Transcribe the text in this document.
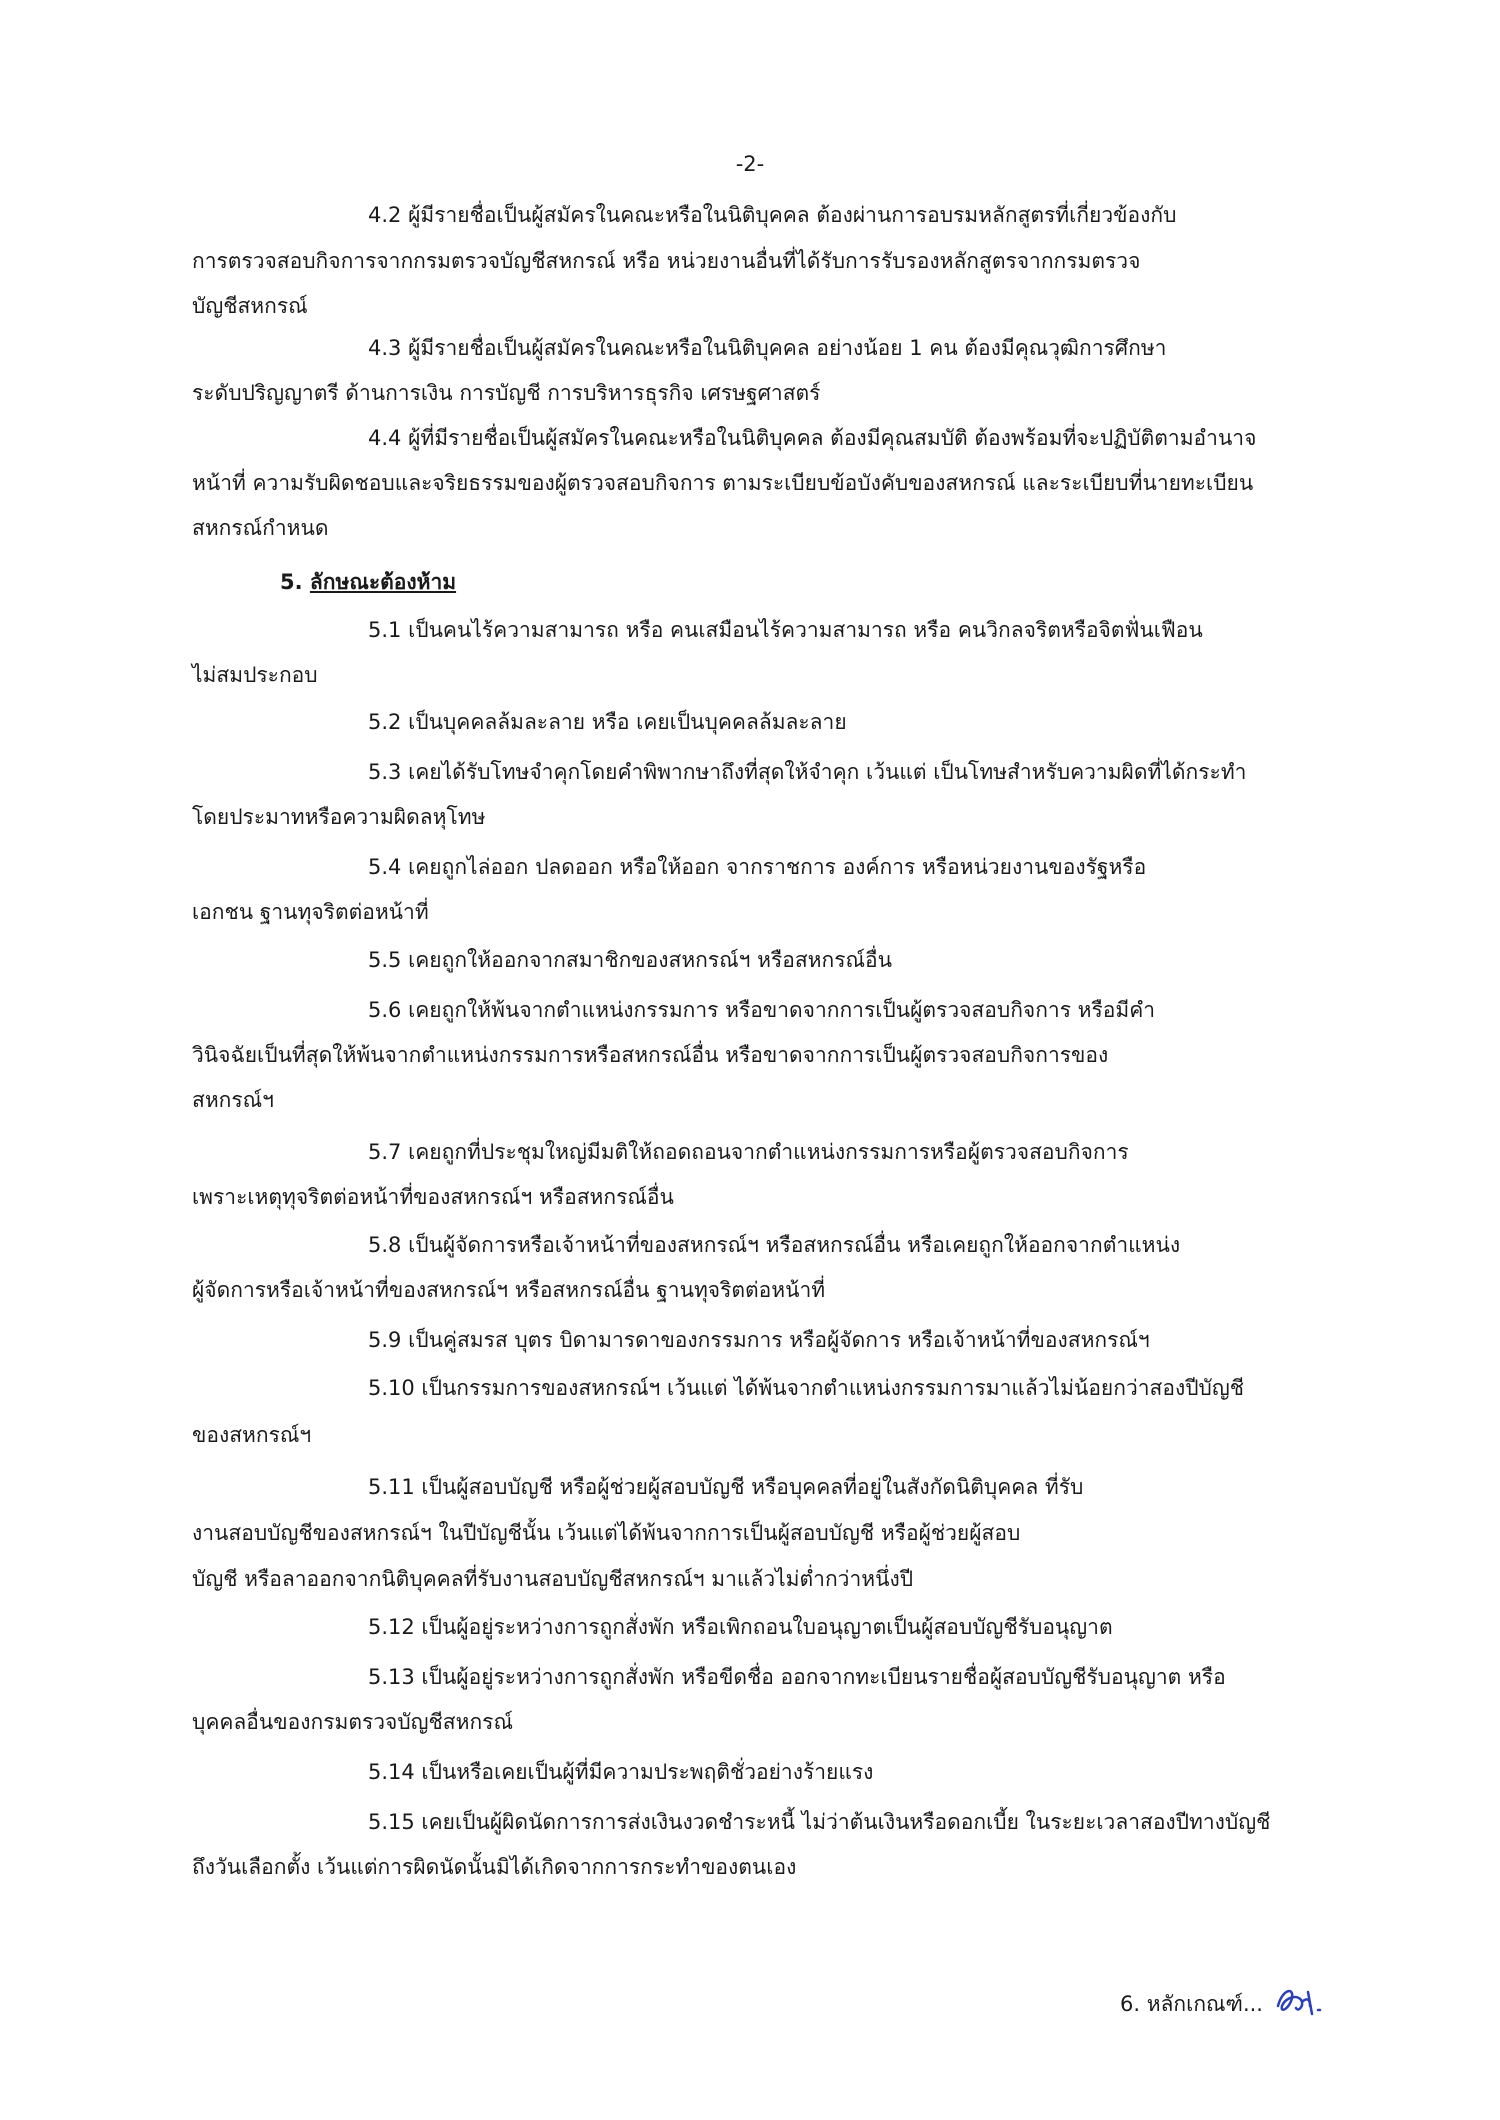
-2-
4.2 ผู้มีรายชื่อเป็นผู้สมัครในคณะหรือในนิติบุคคล ต้องผ่านการอบรมหลักสูตรที่เกี่ยวข้องกับ
การตรวจสอบกิจการจากกรมตรวจบัญชีสหกรณ์ หรือ หน่วยงานอื่นที่ได้รับการรับรองหลักสูตรจากกรมตรวจ
บัญชีสหกรณ์
4.3 ผู้มีรายชื่อเป็นผู้สมัครในคณะหรือในนิติบุคคล อย่างน้อย 1 คน ต้องมีคุณวุฒิการศึกษา
ระดับปริญญาตรี ด้านการเงิน การบัญชี การบริหารธุรกิจ เศรษฐศาสตร์
4.4 ผู้ที่มีรายชื่อเป็นผู้สมัครในคณะหรือในนิติบุคคล ต้องมีคุณสมบัติ ต้องพร้อมที่จะปฏิบัติตามอำนาจ
หน้าที่ ความรับผิดชอบและจริยธรรมของผู้ตรวจสอบกิจการ ตามระเบียบข้อบังคับของสหกรณ์ และระเบียบที่นายทะเบียน
สหกรณ์กำหนด
5. ลักษณะต้องห้าม
5.1 เป็นคนไร้ความสามารถ หรือ คนเสมือนไร้ความสามารถ หรือ คนวิกลจริตหรือจิตฟั่นเฟือน
ไม่สมประกอบ
5.2 เป็นบุคคลล้มละลาย หรือ เคยเป็นบุคคลล้มละลาย
5.3 เคยได้รับโทษจำคุกโดยคำพิพากษาถึงที่สุดให้จำคุก เว้นแต่ เป็นโทษสำหรับความผิดที่ได้กระทำ
โดยประมาทหรือความผิดลหุโทษ
5.4 เคยถูกไล่ออก ปลดออก หรือให้ออก จากราชการ องค์การ หรือหน่วยงานของรัฐหรือ
เอกชน ฐานทุจริตต่อหน้าที่
5.5 เคยถูกให้ออกจากสมาชิกของสหกรณ์ฯ หรือสหกรณ์อื่น
5.6 เคยถูกให้พ้นจากตำแหน่งกรรมการ หรือขาดจากการเป็นผู้ตรวจสอบกิจการ หรือมีคำ
วินิจฉัยเป็นที่สุดให้พ้นจากตำแหน่งกรรมการหรือสหกรณ์อื่น หรือขาดจากการเป็นผู้ตรวจสอบกิจการของ
สหกรณ์ฯ
5.7 เคยถูกที่ประชุมใหญ่มีมติให้ถอดถอนจากตำแหน่งกรรมการหรือผู้ตรวจสอบกิจการ
เพราะเหตุทุจริตต่อหน้าที่ของสหกรณ์ฯ หรือสหกรณ์อื่น
5.8 เป็นผู้จัดการหรือเจ้าหน้าที่ของสหกรณ์ฯ หรือสหกรณ์อื่น หรือเคยถูกให้ออกจากตำแหน่ง
ผู้จัดการหรือเจ้าหน้าที่ของสหกรณ์ฯ หรือสหกรณ์อื่น ฐานทุจริตต่อหน้าที่
5.9 เป็นคู่สมรส บุตร บิดามารดาของกรรมการ หรือผู้จัดการ หรือเจ้าหน้าที่ของสหกรณ์ฯ
5.10 เป็นกรรมการของสหกรณ์ฯ เว้นแต่ ได้พ้นจากตำแหน่งกรรมการมาแล้วไม่น้อยกว่าสองปีบัญชี
ของสหกรณ์ฯ
5.11 เป็นผู้สอบบัญชี หรือผู้ช่วยผู้สอบบัญชี หรือบุคคลที่อยู่ในสังกัดนิติบุคคล ที่รับ
งานสอบบัญชีของสหกรณ์ฯ ในปีบัญชีนั้น เว้นแต่ได้พ้นจากการเป็นผู้สอบบัญชี หรือผู้ช่วยผู้สอบ
บัญชี หรือลาออกจากนิติบุคคลที่รับงานสอบบัญชีสหกรณ์ฯ มาแล้วไม่ต่ำกว่าหนึ่งปี
5.12 เป็นผู้อยู่ระหว่างการถูกสั่งพัก หรือเพิกถอนใบอนุญาตเป็นผู้สอบบัญชีรับอนุญาต
5.13 เป็นผู้อยู่ระหว่างการถูกสั่งพัก หรือขีดชื่อ ออกจากทะเบียนรายชื่อผู้สอบบัญชีรับอนุญาต หรือ
บุคคลอื่นของกรมตรวจบัญชีสหกรณ์
5.14 เป็นหรือเคยเป็นผู้ที่มีความประพฤติชั่วอย่างร้ายแรง
5.15 เคยเป็นผู้ผิดนัดการการส่งเงินงวดชำระหนี้ ไม่ว่าต้นเงินหรือดอกเบี้ย ในระยะเวลาสองปีทางบัญชี
ถึงวันเลือกตั้ง เว้นแต่การผิดนัดนั้นมิได้เกิดจากการกระทำของตนเอง
6. หลักเกณฑ์...
